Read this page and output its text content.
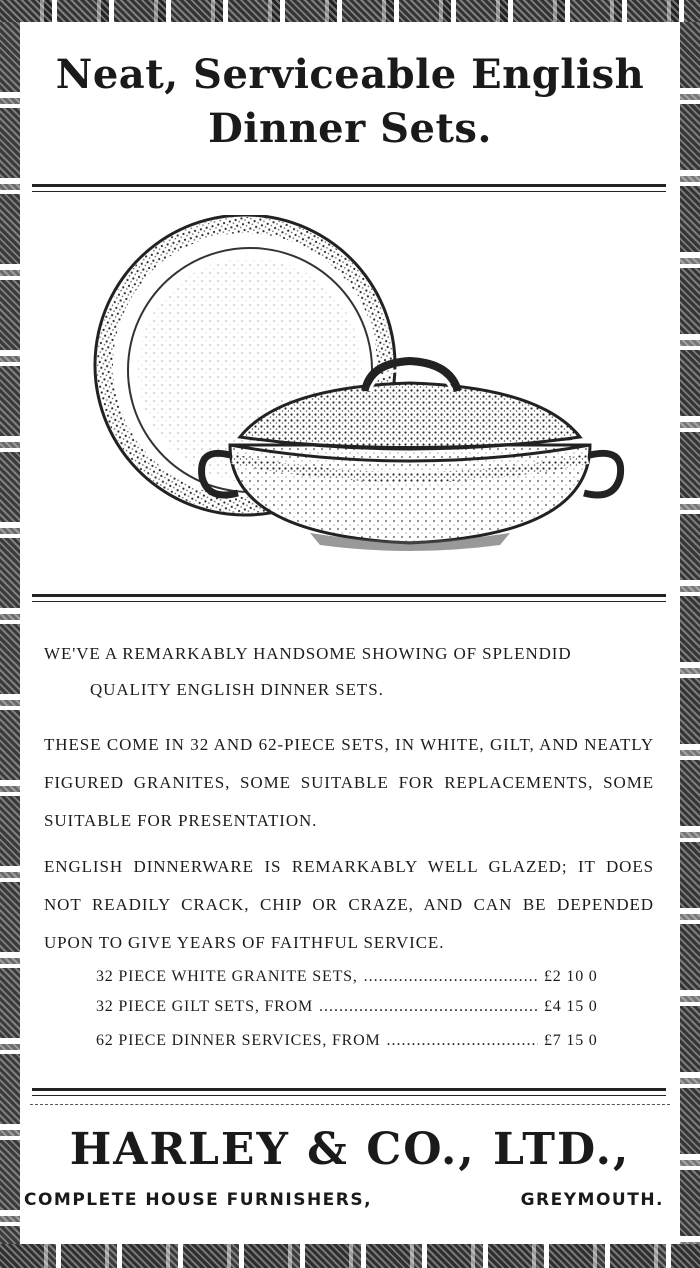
Neat, Serviceable English
Dinner Sets.
WE'VE A REMARKABLY HANDSOME SHOWING OF SPLENDID
QUALITY ENGLISH DINNER SETS.
THESE COME IN 32 AND 62-PIECE SETS, IN WHITE, GILT, AND NEATLY FIGURED GRANITES, SOME SUITABLE FOR REPLACEMENTS, SOME SUITABLE FOR PRESENTATION.
ENGLISH DINNERWARE IS REMARKABLY WELL GLAZED; IT DOES NOT READILY CRACK, CHIP OR CRAZE, AND CAN BE DEPENDED UPON TO GIVE YEARS OF FAITHFUL SERVICE.
32 PIECE WHITE GRANITE SETS, .....	£2 10 0
32 PIECE GILT SETS, FROM .....	£4 15 0
62 PIECE DINNER SERVICES, FROM .....	£7 15 0
HARLEY & CO., LTD.,
COMPLETE HOUSE FURNISHERS,	GREYMOUTH.
